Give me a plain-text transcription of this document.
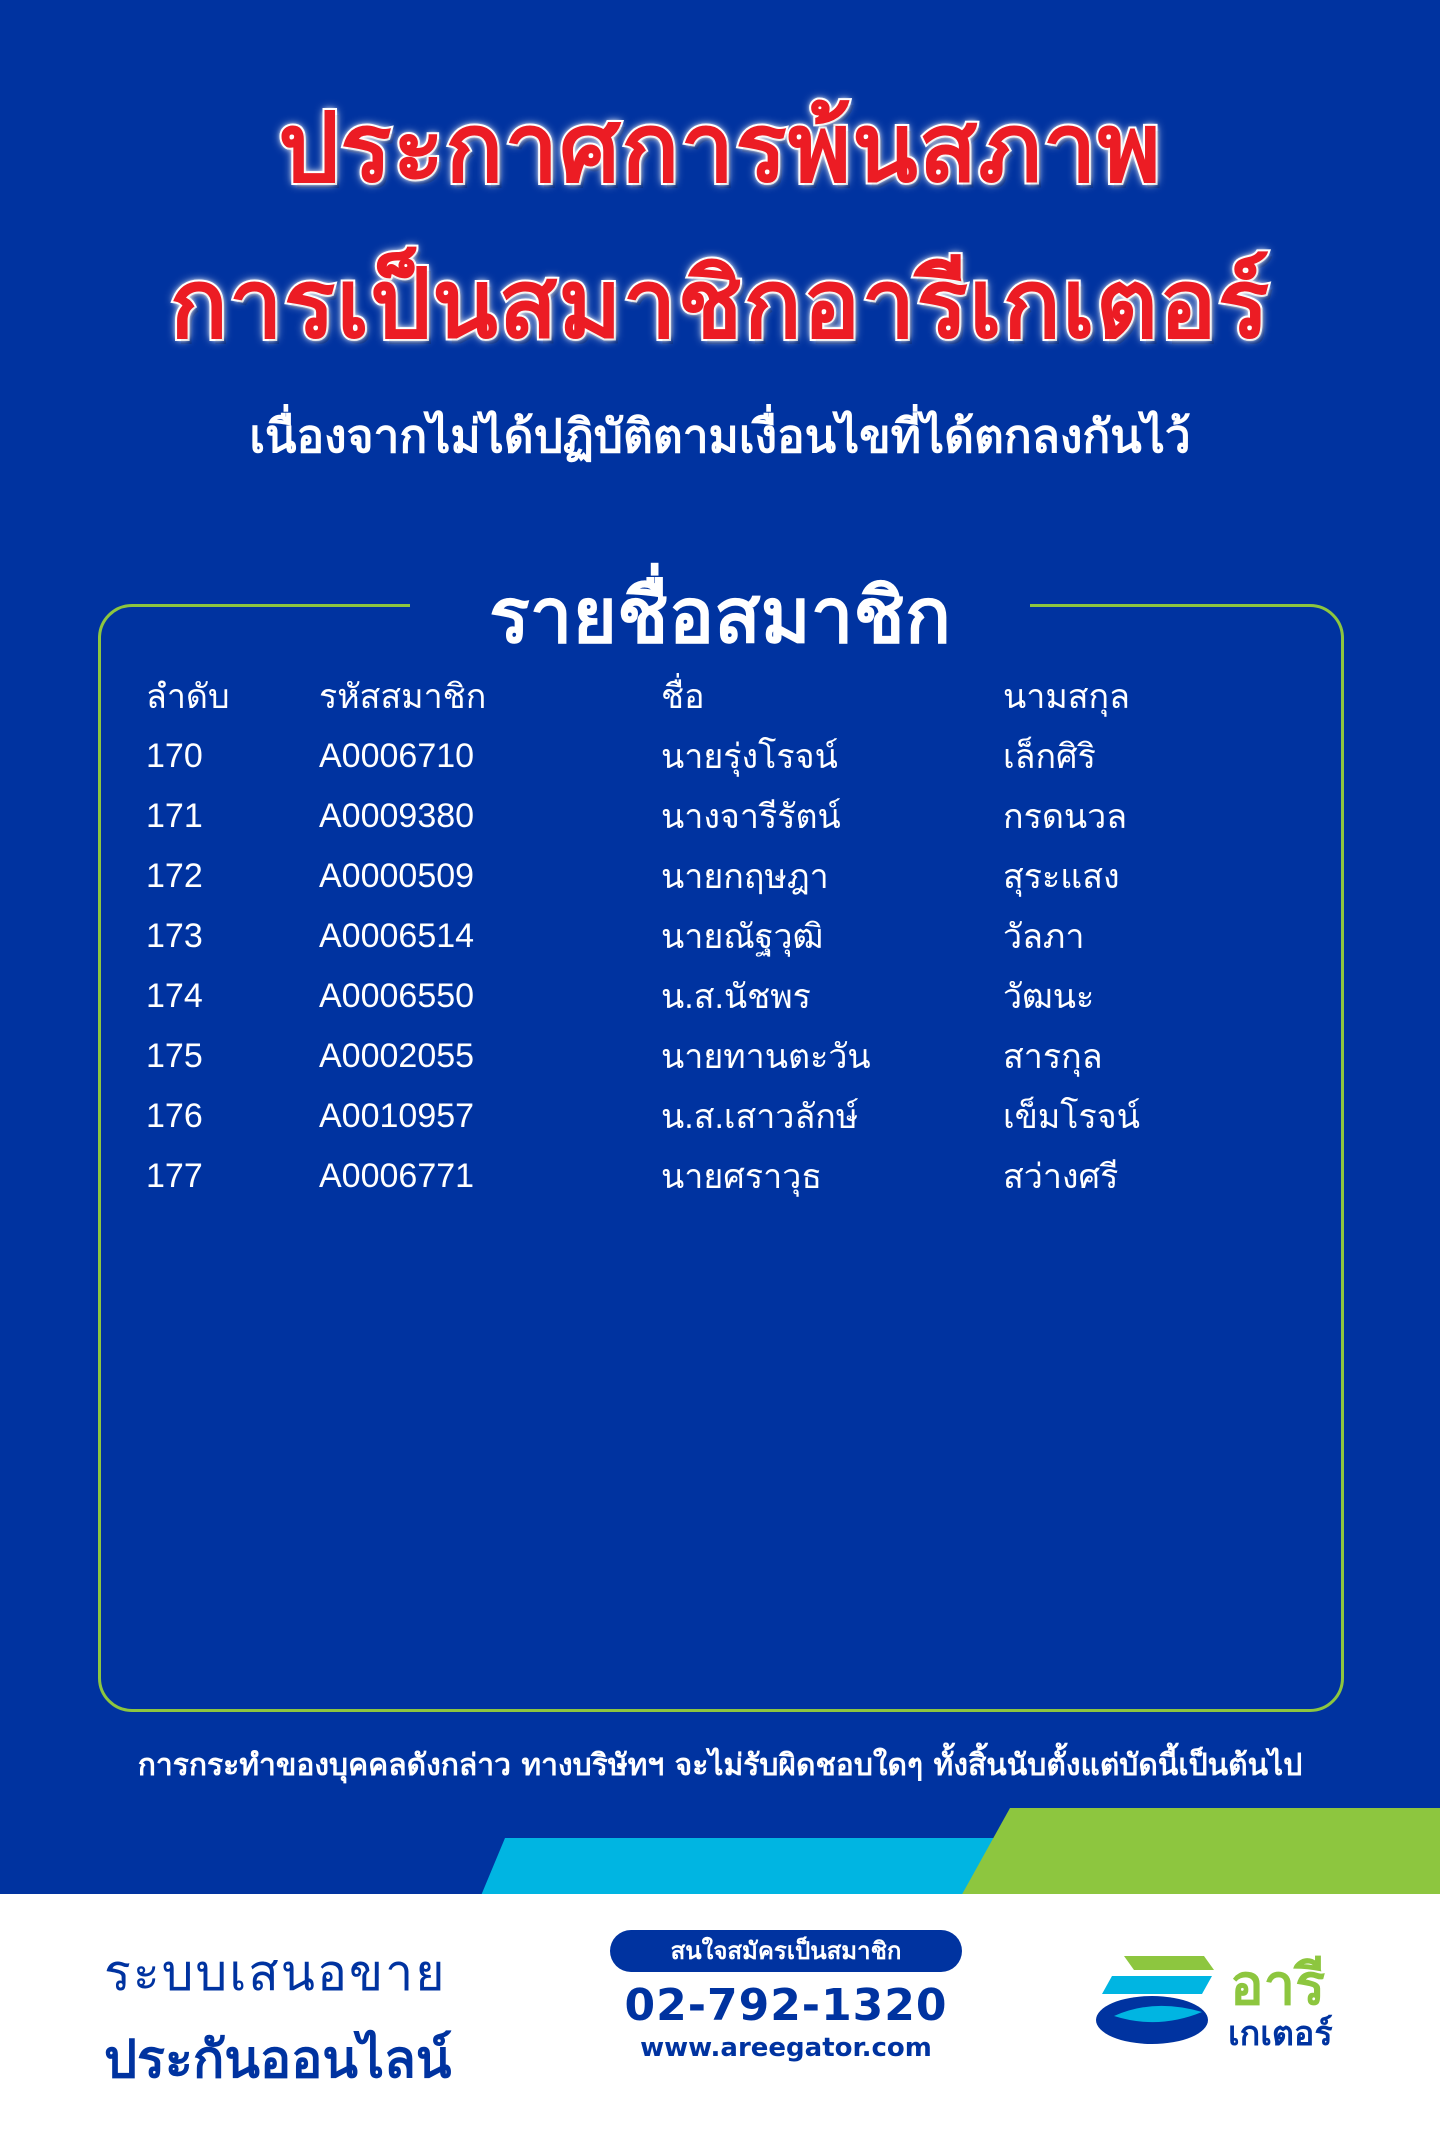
ประกาศการพ้นสภาพ
การเป็นสมาชิกอารีเกเตอร์
เนื่องจากไม่ได้ปฏิบัติตามเงื่อนไขที่ได้ตกลงกันไว้
รายชื่อสมาชิก
ลำดับ	รหัสสมาชิก	ชื่อ	นามสกุล
170	A0006710	นายรุ่งโรจน์	เล็กศิริ
171	A0009380	นางจารีรัตน์	กรดนวล
172	A0000509	นายกฤษฎา	สุระแสง
173	A0006514	นายณัฐวุฒิ	วัลภา
174	A0006550	น.ส.นัชพร	วัฒนะ
175	A0002055	นายทานตะวัน	สารกุล
176	A0010957	น.ส.เสาวลักษ์	เข็มโรจน์
177	A0006771	นายศราวุธ	สว่างศรี
การกระทำของบุคคลดังกล่าว ทางบริษัทฯ จะไม่รับผิดชอบใดๆ ทั้งสิ้นนับตั้งแต่บัดนี้เป็นต้นไป
ระบบเสนอขาย
ประกันออนไลน์
สนใจสมัครเป็นสมาชิก
02-792-1320
www.areegator.com
อารี
เกเตอร์
